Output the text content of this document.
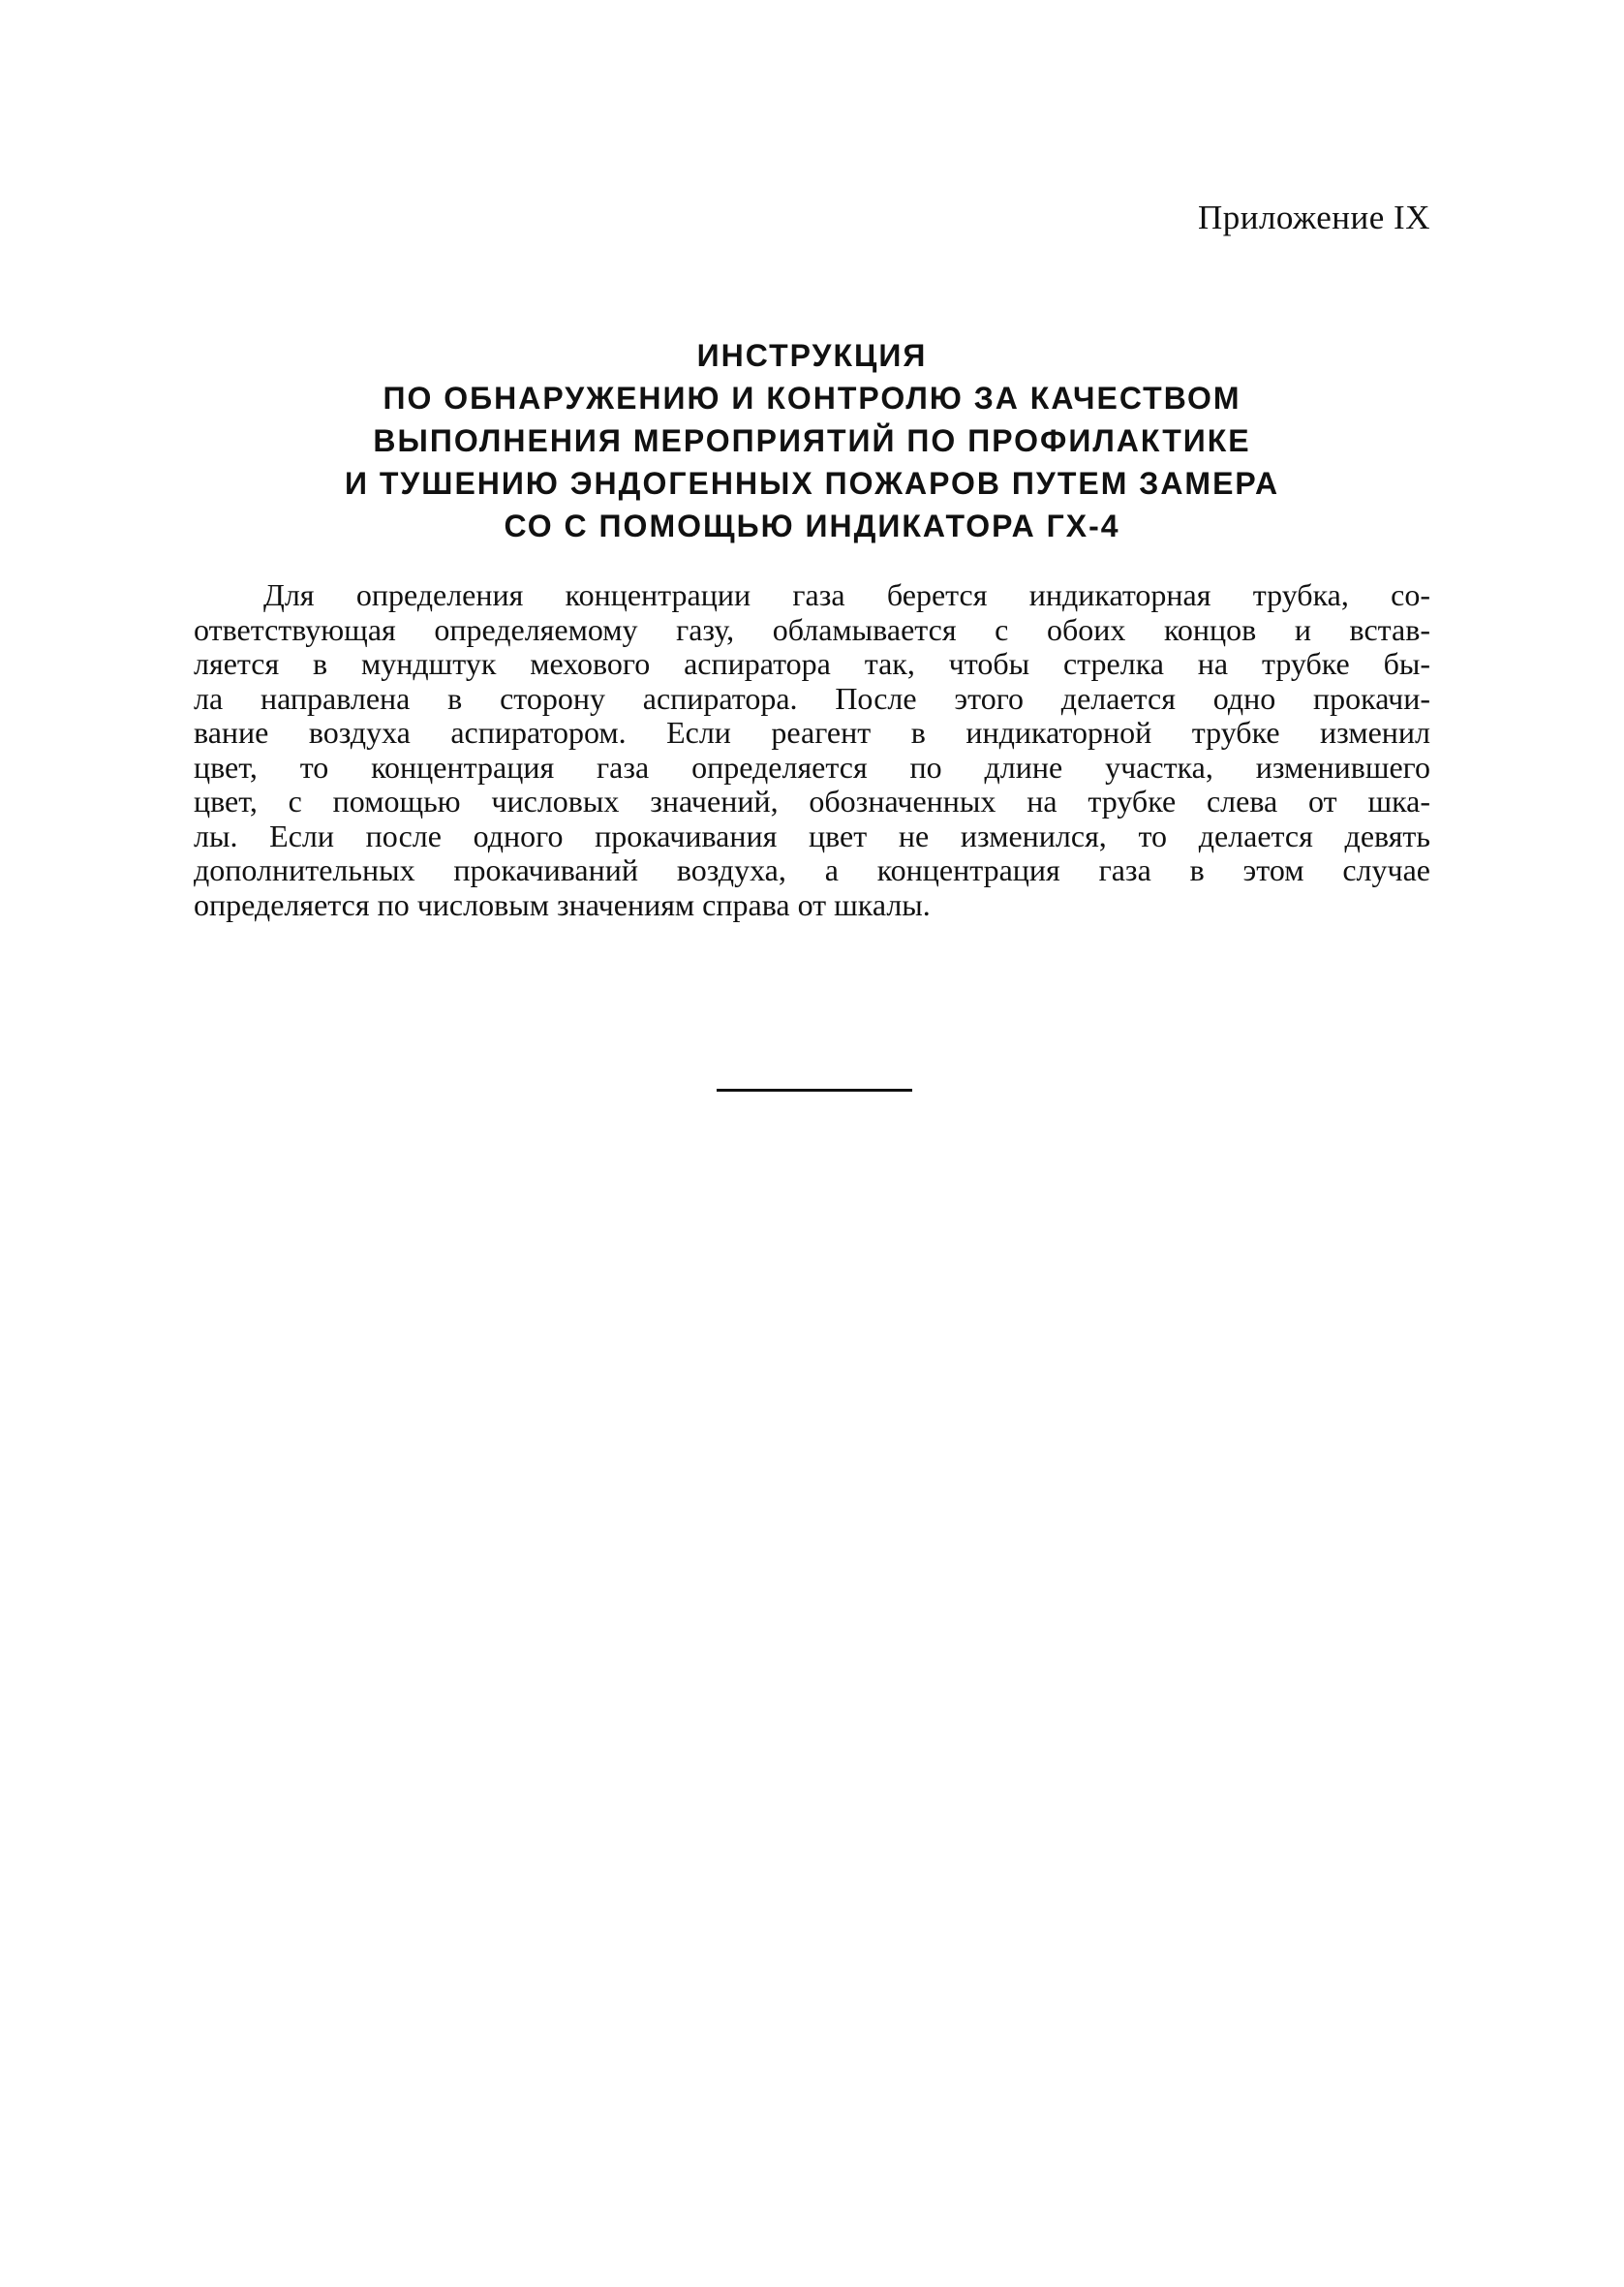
Приложение IX
ИНСТРУКЦИЯ
ПО ОБНАРУЖЕНИЮ И КОНТРОЛЮ ЗА КАЧЕСТВОМ
ВЫПОЛНЕНИЯ МЕРОПРИЯТИЙ ПО ПРОФИЛАКТИКЕ
И ТУШЕНИЮ ЭНДОГЕННЫХ ПОЖАРОВ ПУТЕМ ЗАМЕРА
СО С ПОМОЩЬЮ ИНДИКАТОРА ГХ-4
Для определения концентрации газа берется индикаторная трубка, со-
ответствующая определяемому газу, обламывается с обоих концов и встав-
ляется в мундштук мехового аспиратора так, чтобы стрелка на трубке бы-
ла направлена в сторону аспиратора. После этого делается одно прокачи-
вание воздуха аспиратором. Если реагент в индикаторной трубке изменил
цвет, то концентрация газа определяется по длине участка, изменившего
цвет, с помощью числовых значений, обозначенных на трубке слева от шка-
лы. Если после одного прокачивания цвет не изменился, то делается девять
дополнительных прокачиваний воздуха, а концентрация газа в этом случае
определяется по числовым значениям справа от шкалы.
